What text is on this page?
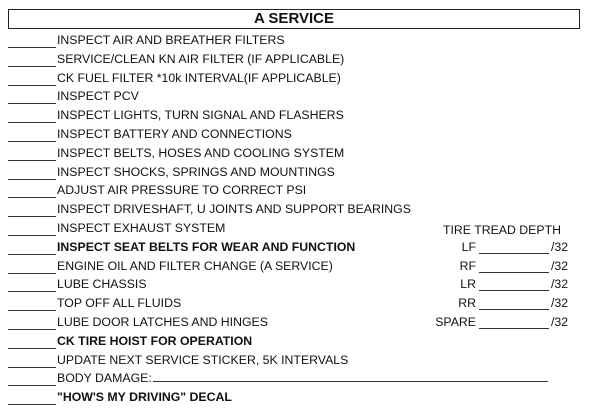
A SERVICE
INSPECT AIR AND BREATHER FILTERS
SERVICE/CLEAN KN AIR FILTER (IF APPLICABLE)
CK FUEL FILTER *10k INTERVAL(IF APPLICABLE)
INSPECT PCV
INSPECT LIGHTS, TURN SIGNAL AND FLASHERS
INSPECT BATTERY AND CONNECTIONS
INSPECT BELTS, HOSES AND COOLING SYSTEM
INSPECT SHOCKS, SPRINGS AND MOUNTINGS
ADJUST AIR PRESSURE TO CORRECT PSI
INSPECT DRIVESHAFT, U JOINTS AND SUPPORT BEARINGS
INSPECT EXHAUST SYSTEM
INSPECT SEAT BELTS FOR WEAR AND FUNCTION
ENGINE OIL AND FILTER CHANGE (A SERVICE)
LUBE CHASSIS
TOP OFF ALL FLUIDS
LUBE DOOR LATCHES AND HINGES
CK TIRE HOIST FOR OPERATION
UPDATE NEXT SERVICE STICKER, 5K INTERVALS
BODY DAMAGE:
"HOW'S MY DRIVING" DECAL
TIRE TREAD DEPTH
LF	/32
RF	/32
LR	/32
RR	/32
SPARE	/32
